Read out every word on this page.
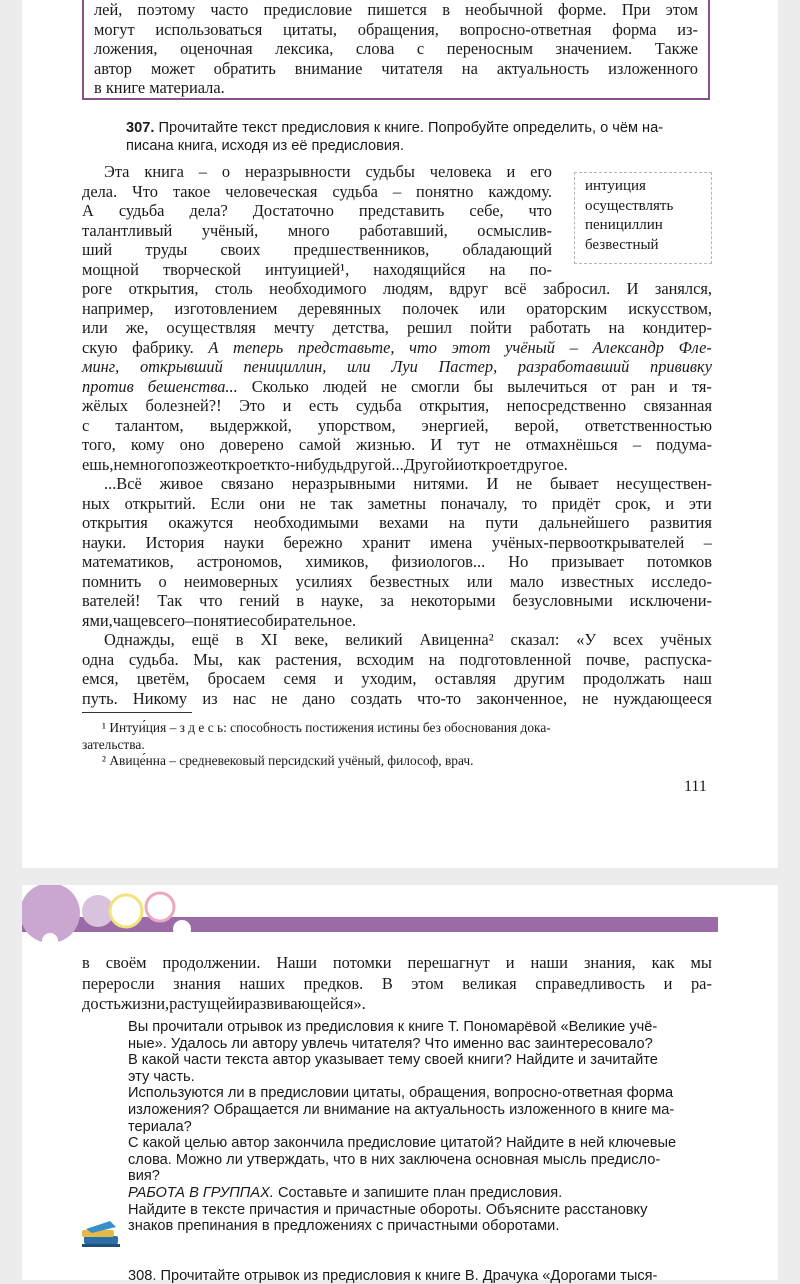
лей, поэтому часто предисловие пишется в необычной форме. При этом
могут использоваться цитаты, обращения, вопросно-ответная форма из-
ложения, оценочная лексика, слова с переносным значением. Также
автор может обратить внимание читателя на актуальность изложенного
в книге материала.
307. Прочитайте текст предисловия к книге. Попробуйте определить, о чём на-
писана книга, исходя из её предисловия.
интуиция
осуществлять
пенициллин
безвестный
Эта книга – о неразрывности судьбы человека и его
дела. Что такое человеческая судьба – понятно каждому.
А судьба дела? Достаточно представить себе, что
талантливый учёный, много работавший, осмыслив-
ший труды своих предшественников, обладающий
мощной творческой интуицией¹, находящийся на по-
роге открытия, столь необходимого людям, вдруг всё забросил. И занялся,
например, изготовлением деревянных полочек или ораторским искусством,
или же, осуществляя мечту детства, решил пойти работать на кондитер-
скую фабрику. А теперь представьте, что этот учёный – Александр Фле-
минг, открывший пенициллин, или Луи Пастер, разработавший прививку
против бешенства... Сколько людей не смогли бы вылечиться от ран и тя-
жёлых болезней?! Это и есть судьба открытия, непосредственно связанная
с талантом, выдержкой, упорством, энергией, верой, ответственностью
того, кому оно доверено самой жизнью. И тут не отмахнёшься – подума-
ешь, немного позже откроет кто-нибудь другой... Другой и откроет другое.
...Всё живое связано неразрывными нитями. И не бывает несуществен-
ных открытий. Если они не так заметны поначалу, то придёт срок, и эти
открытия окажутся необходимыми вехами на пути дальнейшего развития
науки. История науки бережно хранит имена учёных-первооткрывателей –
математиков, астрономов, химиков, физиологов... Но призывает потомков
помнить о неимоверных усилиях безвестных или мало известных исследо-
вателей! Так что гений в науке, за некоторыми безусловными исключени-
ями, чаще всего – понятие собирательное.
Однажды, ещё в XI веке, великий Авиценна² сказал: «У всех учёных
одна судьба. Мы, как растения, всходим на подготовленной почве, распуска-
емся, цветём, бросаем семя и уходим, оставляя другим продолжать наш
путь. Никому из нас не дано создать что-то законченное, не нуждающееся
¹ Интуи́ция – з д е с ь: способность постижения истины без обоснования дока-
зательства.
² Авице́нна – средневековый персидский учёный, философ, врач.
111
в своём продолжении. Наши потомки перешагнут и наши знания, как мы
переросли знания наших предков. В этом великая справедливость и ра-
дость жизни, растущей и развивающейся».
Вы прочитали отрывок из предисловия к книге Т. Пономарёвой «Великие учё-
ные». Удалось ли автору увлечь читателя? Что именно вас заинтересовало?
В какой части текста автор указывает тему своей книги? Найдите и зачитайте
эту часть.
Используются ли в предисловии цитаты, обращения, вопросно-ответная форма
изложения? Обращается ли внимание на актуальность изложенного в книге ма-
териала?
С какой целью автор закончила предисловие цитатой? Найдите в ней ключевые
слова. Можно ли утверждать, что в них заключена основная мысль предисло-
вия?
РАБОТА В ГРУППАХ. Составьте и запишите план предисловия.
Найдите в тексте причастия и причастные обороты. Объясните расстановку
знаков препинания в предложениях с причастными оборотами.
308. Прочитайте отрывок из предисловия к книге В. Драчука «Дорогами тыся-
